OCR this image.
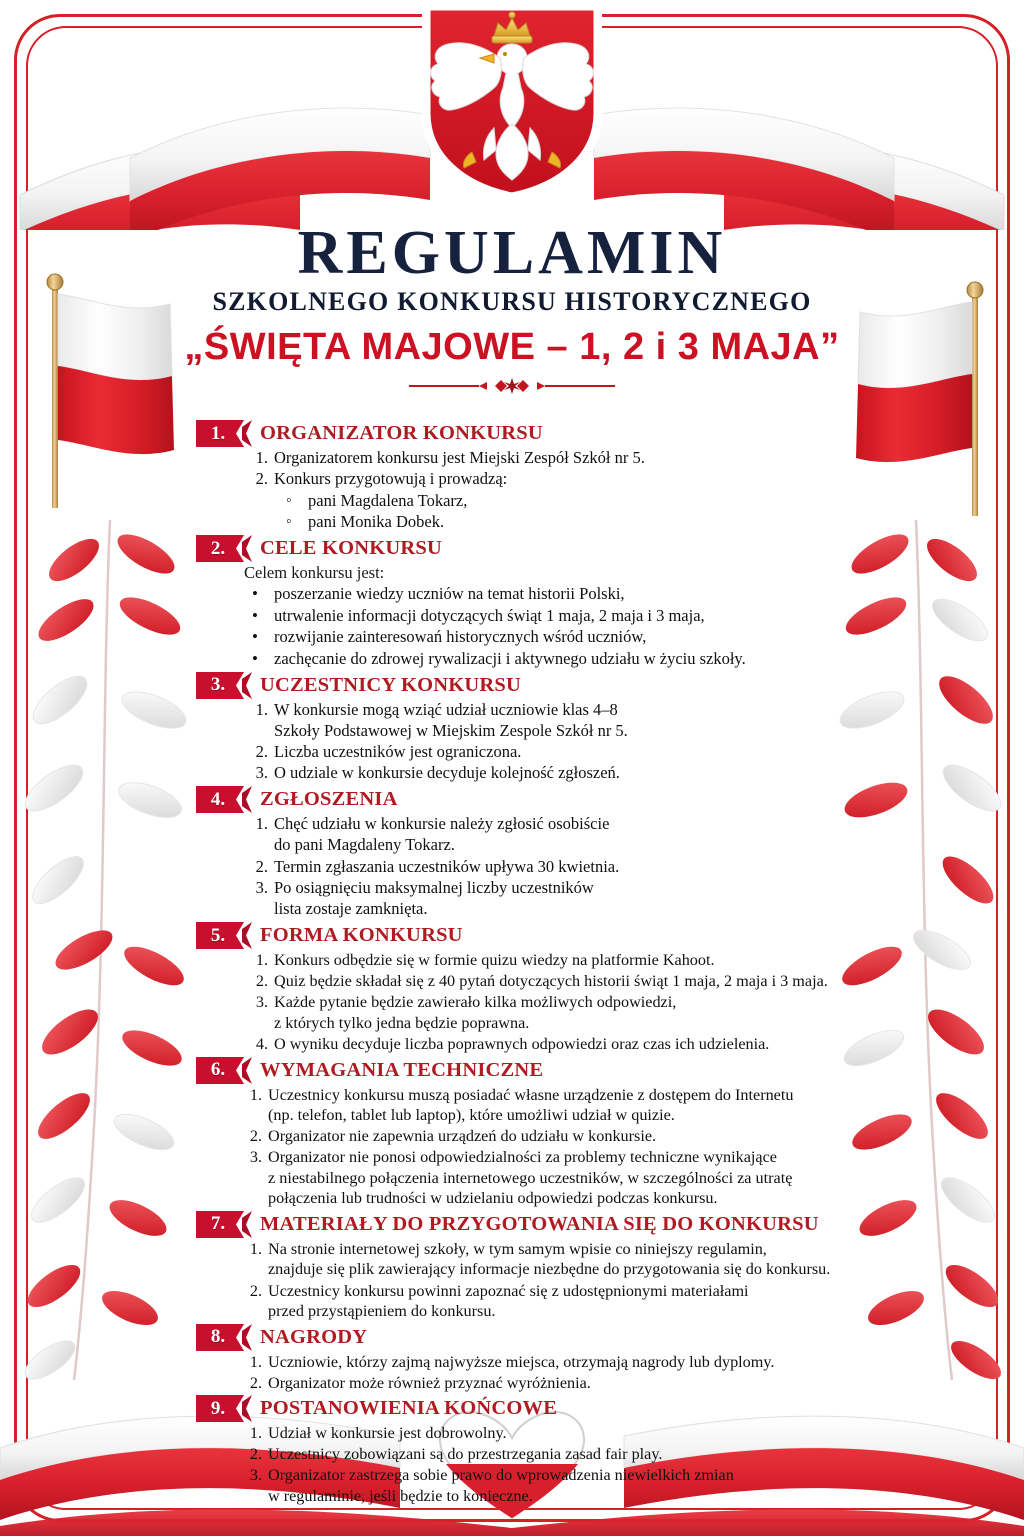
REGULAMIN
SZKOLNEGO KONKURSU HISTORYCZNEGO
„ŚWIĘTA MAJOWE – 1, 2 i 3 MAJA”
1.	ORGANIZATOR KONKURSU
1. Organizatorem konkursu jest Miejski Zespół Szkół nr 5.
2. Konkurs przygotowują i prowadzą:
◦ pani Magdalena Tokarz,
◦ pani Monika Dobek.
2.	CELE KONKURSU
Celem konkursu jest:
• poszerzanie wiedzy uczniów na temat historii Polski,
• utrwalenie informacji dotyczących świąt 1 maja, 2 maja i 3 maja,
• rozwijanie zainteresowań historycznych wśród uczniów,
• zachęcanie do zdrowej rywalizacji i aktywnego udziału w życiu szkoły.
3.	UCZESTNICY KONKURSU
1. W konkursie mogą wziąć udział uczniowie klas 4–8
Szkoły Podstawowej w Miejskim Zespole Szkół nr 5.
2. Liczba uczestników jest ograniczona.
3. O udziale w konkursie decyduje kolejność zgłoszeń.
4.	ZGŁOSZENIA
1. Chęć udziału w konkursie należy zgłosić osobiście
do pani Magdaleny Tokarz.
2. Termin zgłaszania uczestników upływa 30 kwietnia.
3. Po osiągnięciu maksymalnej liczby uczestników
lista zostaje zamknięta.
5.	FORMA KONKURSU
1. Konkurs odbędzie się w formie quizu wiedzy na platformie Kahoot.
2. Quiz będzie składał się z 40 pytań dotyczących historii świąt 1 maja, 2 maja i 3 maja.
3. Każde pytanie będzie zawierało kilka możliwych odpowiedzi,
z których tylko jedna będzie poprawna.
4. O wyniku decyduje liczba poprawnych odpowiedzi oraz czas ich udzielenia.
6.	WYMAGANIA TECHNICZNE
1. Uczestnicy konkursu muszą posiadać własne urządzenie z dostępem do Internetu
(np. telefon, tablet lub laptop), które umożliwi udział w quizie.
2. Organizator nie zapewnia urządzeń do udziału w konkursie.
3. Organizator nie ponosi odpowiedzialności za problemy techniczne wynikające
z niestabilnego połączenia internetowego uczestników, w szczególności za utratę
połączenia lub trudności w udzielaniu odpowiedzi podczas konkursu.
7.	MATERIAŁY DO PRZYGOTOWANIA SIĘ DO KONKURSU
1. Na stronie internetowej szkoły, w tym samym wpisie co niniejszy regulamin,
znajduje się plik zawierający informacje niezbędne do przygotowania się do konkursu.
2. Uczestnicy konkursu powinni zapoznać się z udostępnionymi materiałami
przed przystąpieniem do konkursu.
8.	NAGRODY
1. Uczniowie, którzy zajmą najwyższe miejsca, otrzymają nagrody lub dyplomy.
2. Organizator może również przyznać wyróżnienia.
9.	POSTANOWIENIA KOŃCOWE
1. Udział w konkursie jest dobrowolny.
2. Uczestnicy zobowiązani są do przestrzegania zasad fair play.
3. Organizator zastrzega sobie prawo do wprowadzenia niewielkich zmian
w regulaminie, jeśli będzie to konieczne.
